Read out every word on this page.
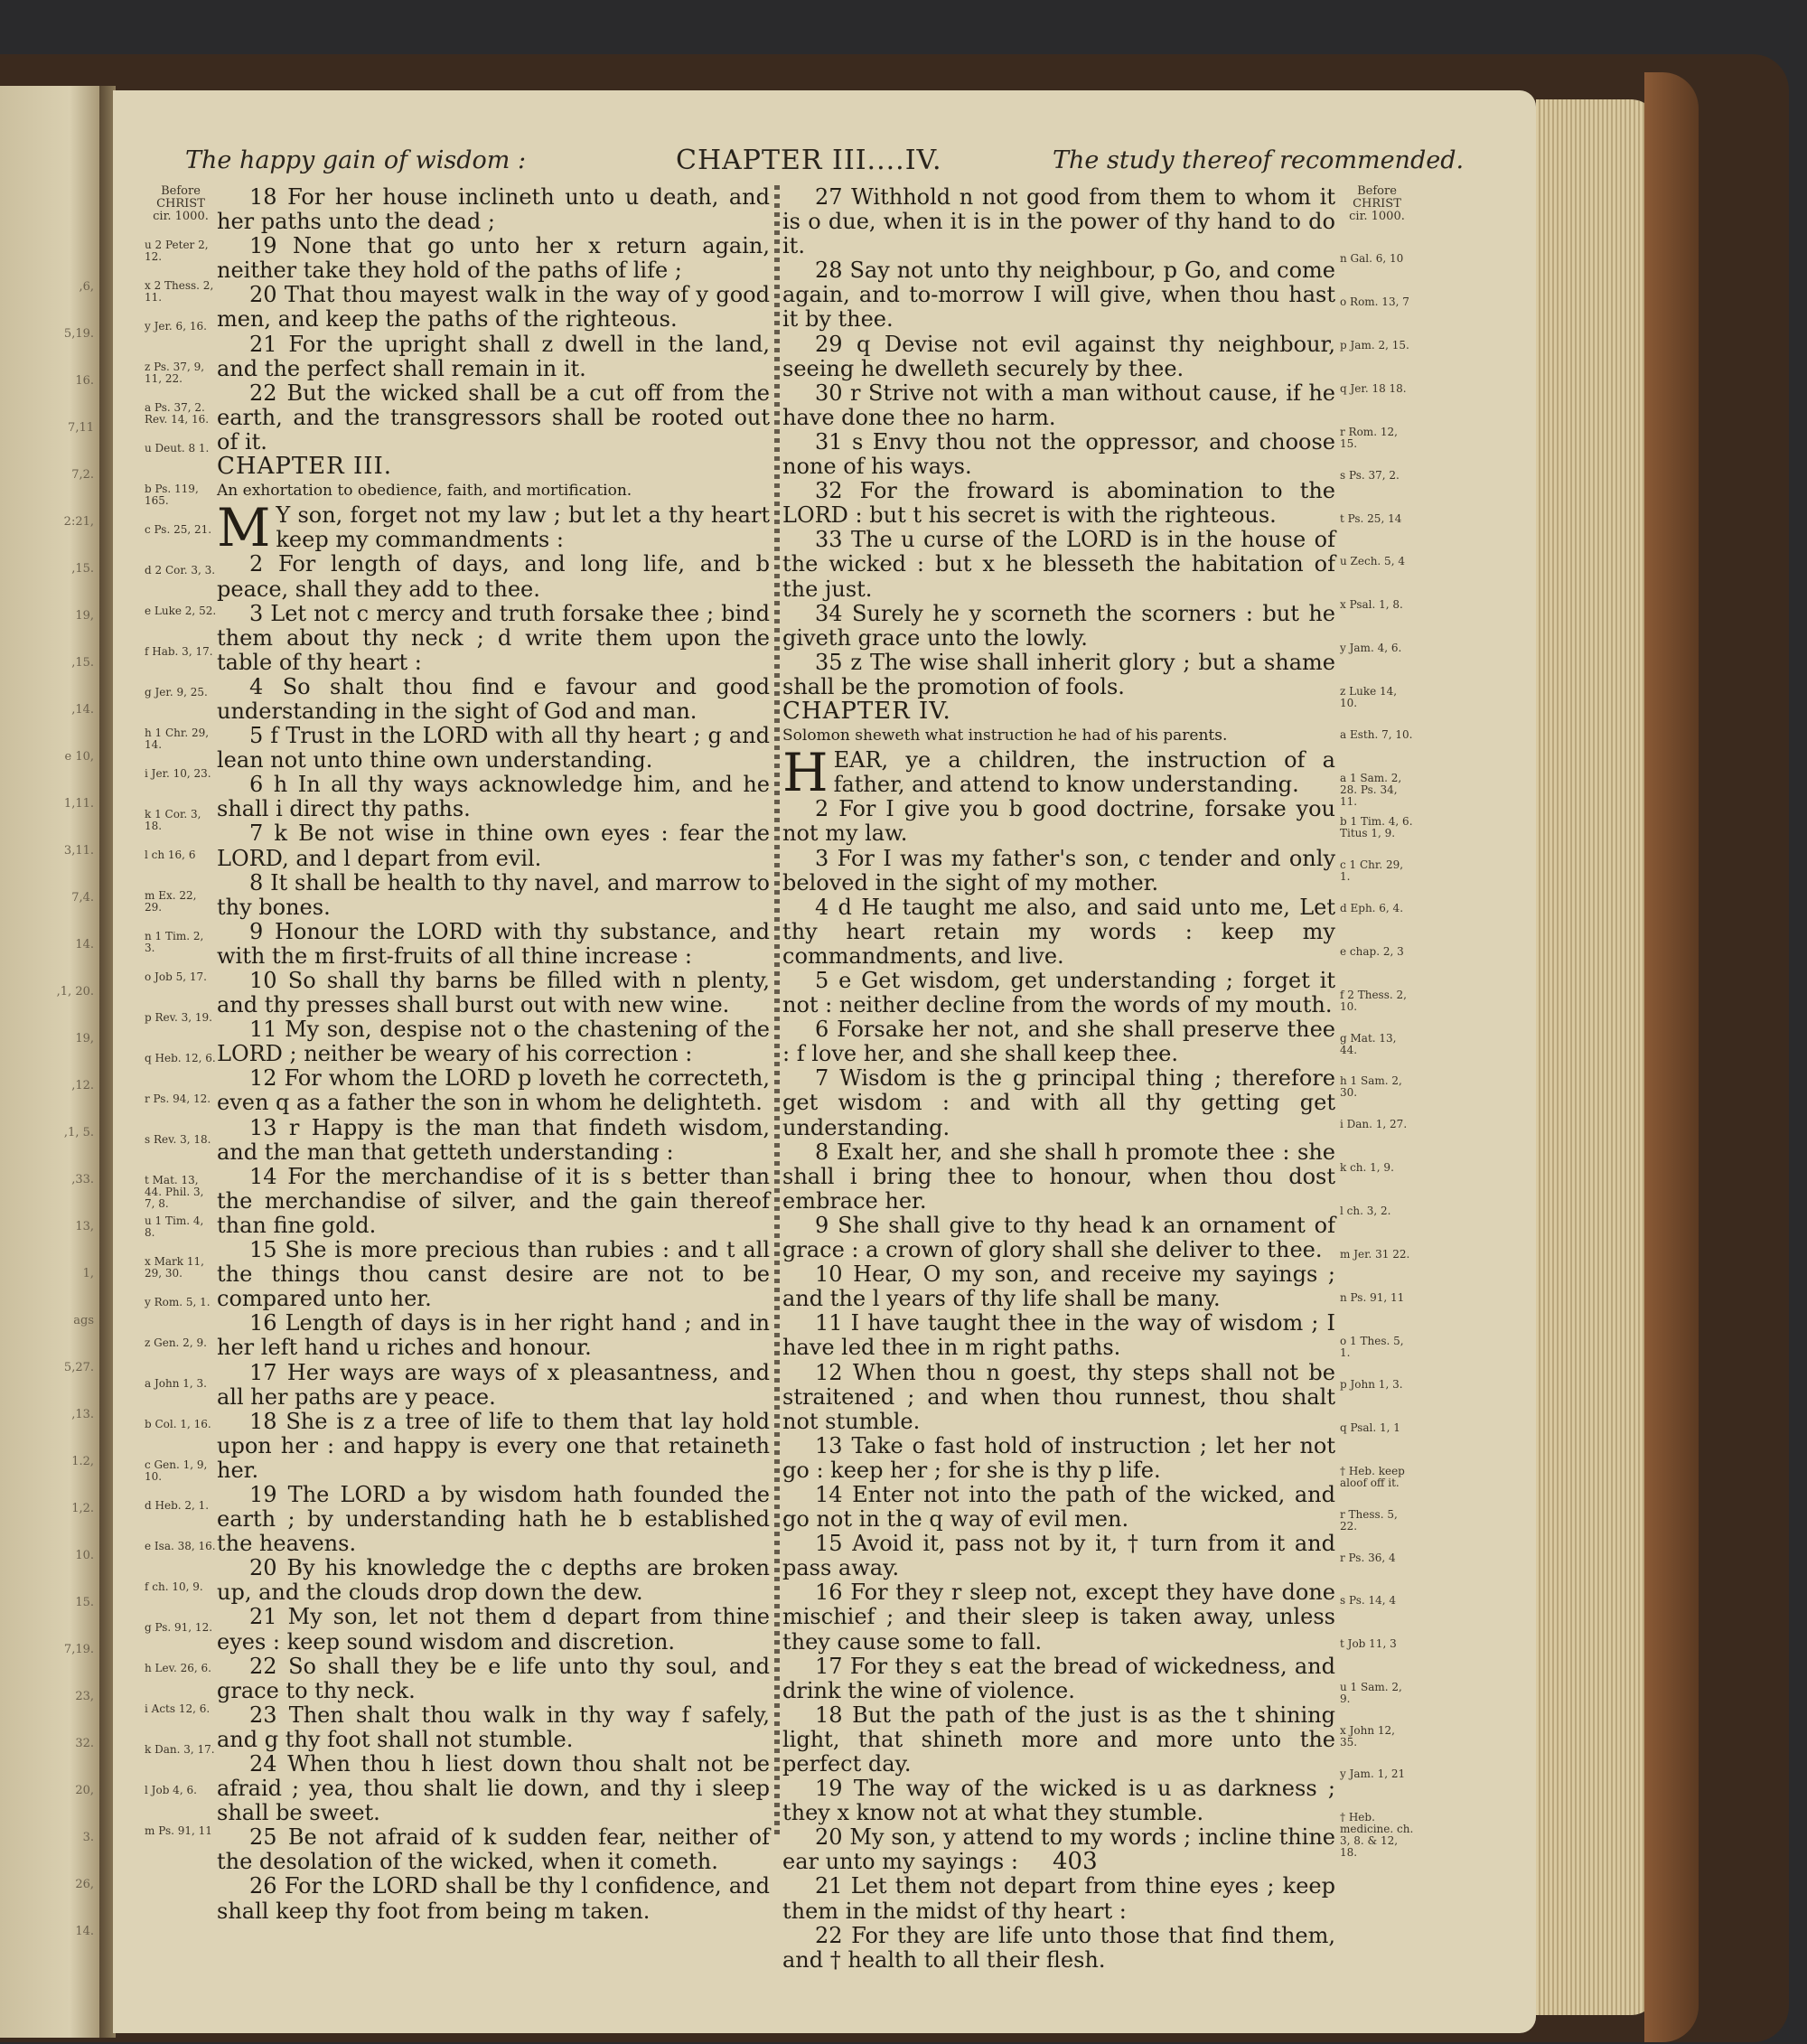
,6,
5,19.
16.
7,11
7,2.
2:21,
,15.
19,
,15.
,14.
e 10,
1,11.
3,11.
7,4.
14.
,1, 20.
19,
,12.
,1, 5.
,33.
13,
1,
ags
5,27.
,13.
1.2,
1,2.
10.
15.
7,19.
23,
32.
20,
3.
26,
14.
The happy gain of wisdom :	CHAPTER III....IV.	The study thereof recommended.
Before
CHRIST
cir. 1000.
u 2 Peter 2, 12.
x 2 Thess. 2, 11.
y Jer. 6, 16.
z Ps. 37, 9, 11, 22.
a Ps. 37, 2. Rev. 14, 16.
u Deut. 8 1.
b Ps. 119, 165.
c Ps. 25, 21.
d 2 Cor. 3, 3.
e Luke 2, 52.
f Hab. 3, 17.
g Jer. 9, 25.
h 1 Chr. 29, 14.
i Jer. 10, 23.
k 1 Cor. 3, 18.
l ch 16, 6
m Ex. 22, 29.
n 1 Tim. 2, 3.
o Job 5, 17.
p Rev. 3, 19.
q Heb. 12, 6.
r Ps. 94, 12.
s Rev. 3, 18.
t Mat. 13, 44. Phil. 3, 7, 8.
u 1 Tim. 4, 8.
x Mark 11, 29, 30.
y Rom. 5, 1.
z Gen. 2, 9.
a John 1, 3.
b Col. 1, 16.
c Gen. 1, 9, 10.
d Heb. 2, 1.
e Isa. 38, 16.
f ch. 10, 9.
g Ps. 91, 12.
h Lev. 26, 6.
i Acts 12, 6.
k Dan. 3, 17.
l Job 4, 6.
m Ps. 91, 11

18 For her house inclineth unto u death, and her paths unto the dead ;

19 None that go unto her x return again, neither take they hold of the paths of life ;

20 That thou mayest walk in the way of y good men, and keep the paths of the righteous.

21 For the upright shall z dwell in the land, and the perfect shall remain in it.

22 But the wicked shall be a cut off from the earth, and the transgressors shall be rooted out of it.

CHAPTER III.

An exhortation to obedience, faith, and mortification.

M Y son, forget not my law ; but let a thy heart keep my commandments :

2 For length of days, and long life, and b peace, shall they add to thee.

3 Let not c mercy and truth forsake thee ; bind them about thy neck ; d write them upon the table of thy heart :

4 So shalt thou find e favour and good understanding in the sight of God and man.

5 f Trust in the LORD with all thy heart ; g and lean not unto thine own understanding.

6 h In all thy ways acknowledge him, and he shall i direct thy paths.

7 k Be not wise in thine own eyes : fear the LORD, and l depart from evil.

8 It shall be health to thy navel, and marrow to thy bones.

9 Honour the LORD with thy substance, and with the m first-fruits of all thine increase :

10 So shall thy barns be filled with n plenty, and thy presses shall burst out with new wine.

11 My son, despise not o the chastening of the LORD ; neither be weary of his correction :

12 For whom the LORD p loveth he correcteth, even q as a father the son in whom he delighteth.

13 r Happy is the man that findeth wisdom, and the man that getteth understanding :

14 For the merchandise of it is s better than the merchandise of silver, and the gain thereof than fine gold.

15 She is more precious than rubies : and t all the things thou canst desire are not to be compared unto her.

16 Length of days is in her right hand ; and in her left hand u riches and honour.

17 Her ways are ways of x pleasantness, and all her paths are y peace.

18 She is z a tree of life to them that lay hold upon her : and happy is every one that retaineth her.

19 The LORD a by wisdom hath founded the earth ; by understanding hath he b established the heavens.

20 By his knowledge the c depths are broken up, and the clouds drop down the dew.

21 My son, let not them d depart from thine eyes : keep sound wisdom and discretion.

22 So shall they be e life unto thy soul, and grace to thy neck.

23 Then shalt thou walk in thy way f safely, and g thy foot shall not stumble.

24 When thou h liest down thou shalt not be afraid ; yea, thou shalt lie down, and thy i sleep shall be sweet.

25 Be not afraid of k sudden fear, neither of the desolation of the wicked, when it cometh.

26 For the LORD shall be thy l confidence, and shall keep thy foot from being m taken.

27 Withhold n not good from them to whom it is o due, when it is in the power of thy hand to do it.

28 Say not unto thy neighbour, p Go, and come again, and to-morrow I will give, when thou hast it by thee.

29 q Devise not evil against thy neighbour, seeing he dwelleth securely by thee.

30 r Strive not with a man without cause, if he have done thee no harm.

31 s Envy thou not the oppressor, and choose none of his ways.

32 For the froward is abomination to the LORD : but t his secret is with the righteous.

33 The u curse of the LORD is in the house of the wicked : but x he blesseth the habitation of the just.

34 Surely he y scorneth the scorners : but he giveth grace unto the lowly.

35 z The wise shall inherit glory ; but a shame shall be the promotion of fools.

CHAPTER IV.

Solomon sheweth what instruction he had of his parents.

HEAR, ye a children, the instruction of a father, and attend to know understanding.

2 For I give you b good doctrine, forsake you not my law.

3 For I was my father's son, c tender and only beloved in the sight of my mother.

4 d He taught me also, and said unto me, Let thy heart retain my words : keep my commandments, and live.

5 e Get wisdom, get understanding ; forget it not : neither decline from the words of my mouth.

6 Forsake her not, and she shall preserve thee : f love her, and she shall keep thee.

7 Wisdom is the g principal thing ; therefore get wisdom : and with all thy getting get understanding.

8 Exalt her, and she shall h promote thee : she shall i bring thee to honour, when thou dost embrace her.

9 She shall give to thy head k an ornament of grace : a crown of glory shall she deliver to thee.

10 Hear, O my son, and receive my sayings ; and the l years of thy life shall be many.

11 I have taught thee in the way of wisdom ; I have led thee in m right paths.

12 When thou n goest, thy steps shall not be straitened ; and when thou runnest, thou shalt not stumble.

13 Take o fast hold of instruction ; let her not go : keep her ; for she is thy p life.

14 Enter not into the path of the wicked, and go not in the q way of evil men.

15 Avoid it, pass not by it, † turn from it and pass away.

16 For they r sleep not, except they have done mischief ; and their sleep is taken away, unless they cause some to fall.

17 For they s eat the bread of wickedness, and drink the wine of violence.

18 But the path of the just is as the t shining light, that shineth more and more unto the perfect day.

19 The way of the wicked is u as darkness ; they x know not at what they stumble.

20 My son, y attend to my words ; incline thine ear unto my sayings :

21 Let them not depart from thine eyes ; keep them in the midst of thy heart :

22 For they are life unto those that find them, and † health to all their flesh.

Before
CHRIST
cir. 1000.
n Gal. 6, 10
o Rom. 13, 7
p Jam. 2, 15.
q Jer. 18 18.
r Rom. 12, 15.
s Ps. 37, 2.
t Ps. 25, 14
u Zech. 5, 4
x Psal. 1, 8.
y Jam. 4, 6.
z Luke 14, 10.
a Esth. 7, 10.
a 1 Sam. 2, 28. Ps. 34, 11.
b 1 Tim. 4, 6. Titus 1, 9.
c 1 Chr. 29, 1.
d Eph. 6, 4.
e chap. 2, 3
f 2 Thess. 2, 10.
g Mat. 13, 44.
h 1 Sam. 2, 30.
i Dan. 1, 27.
k ch. 1, 9.
l ch. 3, 2.
m Jer. 31 22.
n Ps. 91, 11
o 1 Thes. 5, 1.
p John 1, 3.
q Psal. 1, 1
† Heb. keep aloof off it.
r Thess. 5, 22.
r Ps. 36, 4
s Ps. 14, 4
t Job 11, 3
u 1 Sam. 2, 9.
x John 12, 35.
y Jam. 1, 21
† Heb. medicine. ch. 3, 8. & 12, 18.
403
